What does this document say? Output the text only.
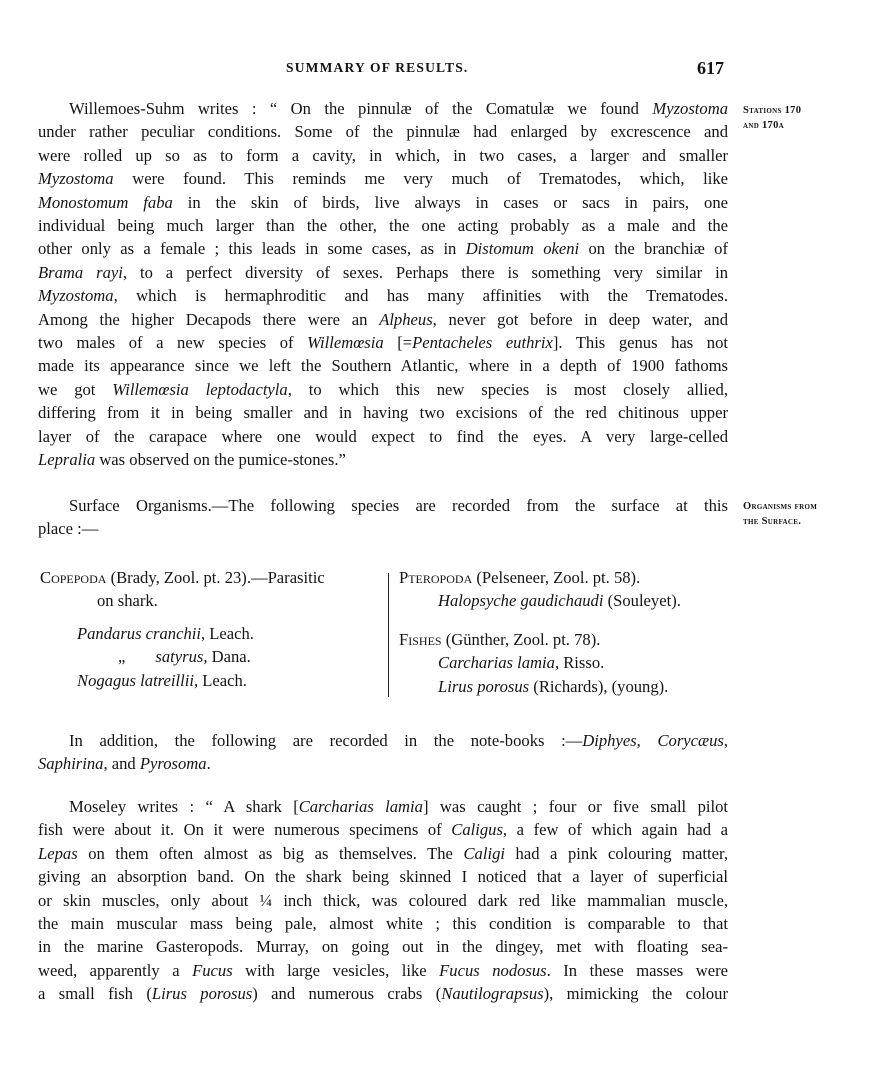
SUMMARY OF RESULTS.	617
Stations 170
and 170a
Willemoes-Suhm writes : “ On the pinnulæ of the Comatulæ we found Myzostoma
under rather peculiar conditions. Some of the pinnulæ had enlarged by excrescence and
were rolled up so as to form a cavity, in which, in two cases, a larger and smaller
Myzostoma were found. This reminds me very much of Trematodes, which, like
Monostomum faba in the skin of birds, live always in cases or sacs in pairs, one
individual being much larger than the other, the one acting probably as a male and the
other only as a female ; this leads in some cases, as in Distomum okeni on the branchiæ of
Brama rayi, to a perfect diversity of sexes. Perhaps there is something very similar in
Myzostoma, which is hermaphroditic and has many affinities with the Trematodes.
Among the higher Decapods there were an Alpheus, never got before in deep water, and
two males of a new species of Willemœsia [=Pentacheles euthrix]. This genus has not
made its appearance since we left the Southern Atlantic, where in a depth of 1900 fathoms
we got Willemœsia leptodactyla, to which this new species is most closely allied,
differing from it in being smaller and in having two excisions of the red chitinous upper
layer of the carapace where one would expect to find the eyes. A very large-celled
Lepralia was observed on the pumice-stones.”
Organisms from
the Surface.
Surface Organisms.—The following species are recorded from the surface at this
place :—
Copepoda (Brady, Zool. pt. 23).—Parasitic
on shark.
Pandarus cranchii, Leach.
„ satyrus, Dana.
Nogagus latreillii, Leach.
Pteropoda (Pelseneer, Zool. pt. 58).
Halopsyche gaudichaudi (Souleyet).
Fishes (Günther, Zool. pt. 78).
Carcharias lamia, Risso.
Lirus porosus (Richards), (young).
In addition, the following are recorded in the note-books :—Diphyes, Corycæus,
Saphirina, and Pyrosoma.
Moseley writes : “ A shark [Carcharias lamia] was caught ; four or five small pilot
fish were about it. On it were numerous specimens of Caligus, a few of which again had a
Lepas on them often almost as big as themselves. The Caligi had a pink colouring matter,
giving an absorption band. On the shark being skinned I noticed that a layer of superficial
or skin muscles, only about ¼ inch thick, was coloured dark red like mammalian muscle,
the main muscular mass being pale, almost white ; this condition is comparable to that
in the marine Gasteropods. Murray, on going out in the dingey, met with floating sea-
weed, apparently a Fucus with large vesicles, like Fucus nodosus. In these masses were
a small fish (Lirus porosus) and numerous crabs (Nautilograpsus), mimicking the colour
